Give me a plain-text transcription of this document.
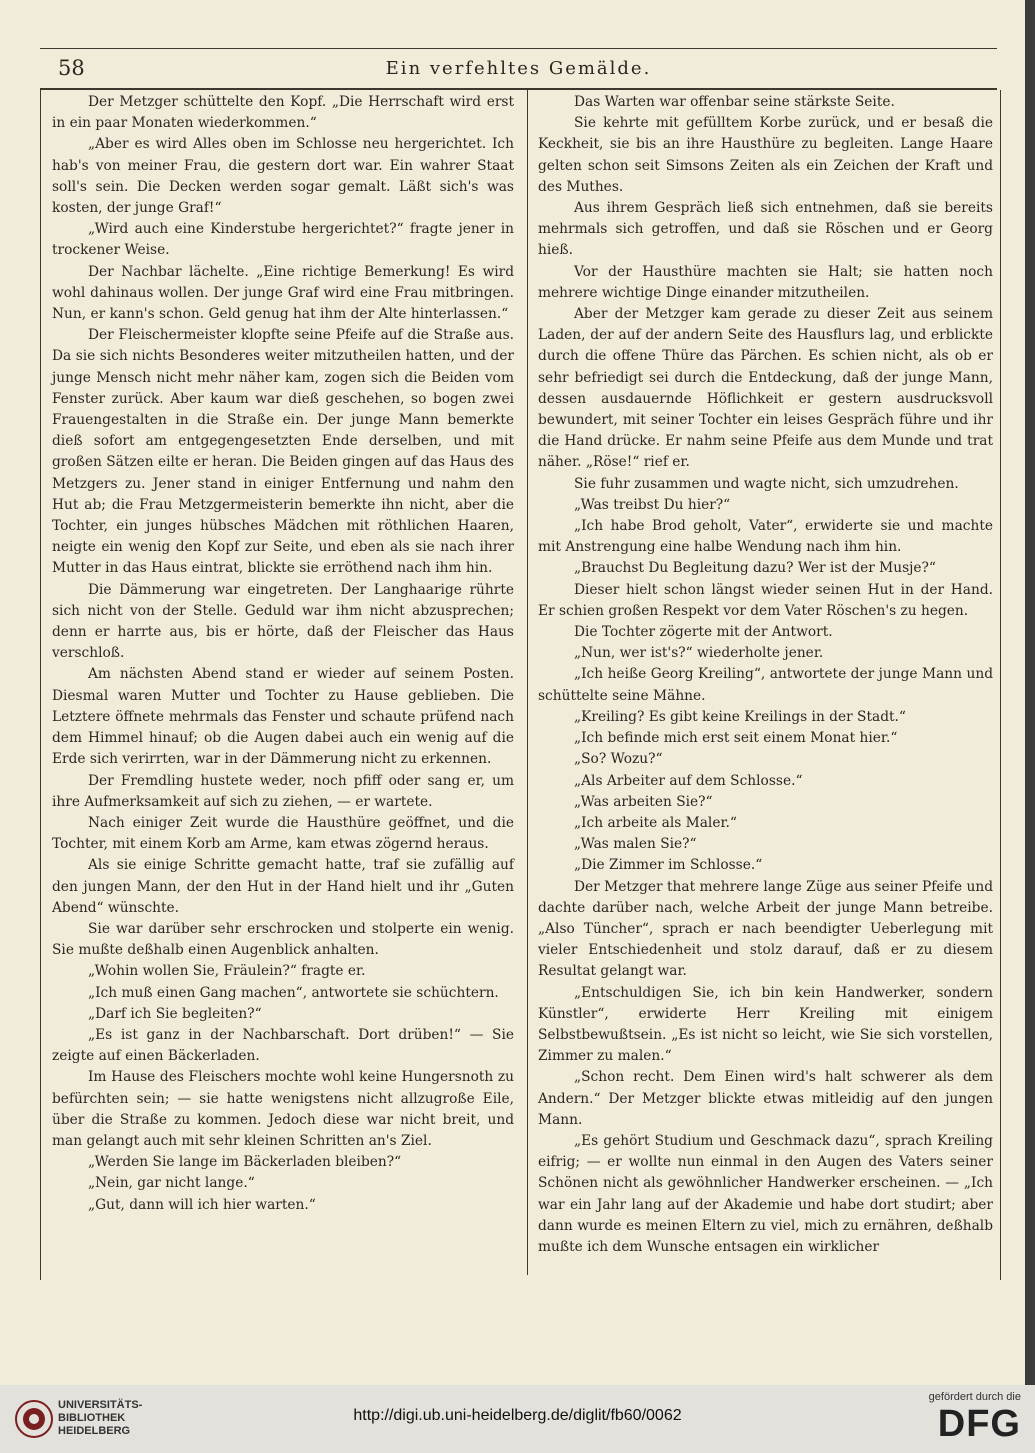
58	Ein verfehltes Gemälde.

Der Metzger schüttelte den Kopf. „Die Herrschaft wird erst in ein paar Monaten wiederkommen.“

„Aber es wird Alles oben im Schlosse neu hergerichtet. Ich hab's von meiner Frau, die gestern dort war. Ein wahrer Staat soll's sein. Die Decken werden sogar gemalt. Läßt sich's was kosten, der junge Graf!“

„Wird auch eine Kinderstube hergerichtet?“ fragte jener in trockener Weise.

Der Nachbar lächelte. „Eine richtige Bemerkung! Es wird wohl dahinaus wollen. Der junge Graf wird eine Frau mitbringen. Nun, er kann's schon. Geld genug hat ihm der Alte hinterlassen.“

Der Fleischermeister klopfte seine Pfeife auf die Straße aus. Da sie sich nichts Besonderes weiter mitzutheilen hatten, und der junge Mensch nicht mehr näher kam, zogen sich die Beiden vom Fenster zurück. Aber kaum war dieß geschehen, so bogen zwei Frauengestalten in die Straße ein. Der junge Mann bemerkte dieß sofort am entgegengesetzten Ende derselben, und mit großen Sätzen eilte er heran. Die Beiden gingen auf das Haus des Metzgers zu. Jener stand in einiger Entfernung und nahm den Hut ab; die Frau Metzgermeisterin bemerkte ihn nicht, aber die Tochter, ein junges hübsches Mädchen mit röthlichen Haaren, neigte ein wenig den Kopf zur Seite, und eben als sie nach ihrer Mutter in das Haus eintrat, blickte sie erröthend nach ihm hin.

Die Dämmerung war eingetreten. Der Langhaarige rührte sich nicht von der Stelle. Geduld war ihm nicht abzusprechen; denn er harrte aus, bis er hörte, daß der Fleischer das Haus verschloß.

Am nächsten Abend stand er wieder auf seinem Posten. Diesmal waren Mutter und Tochter zu Hause geblieben. Die Letztere öffnete mehrmals das Fenster und schaute prüfend nach dem Himmel hinauf; ob die Augen dabei auch ein wenig auf die Erde sich verirrten, war in der Dämmerung nicht zu erkennen.

Der Fremdling hustete weder, noch pfiff oder sang er, um ihre Aufmerksamkeit auf sich zu ziehen, — er wartete.

Nach einiger Zeit wurde die Hausthüre geöffnet, und die Tochter, mit einem Korb am Arme, kam etwas zögernd heraus.

Als sie einige Schritte gemacht hatte, traf sie zufällig auf den jungen Mann, der den Hut in der Hand hielt und ihr „Guten Abend“ wünschte.

Sie war darüber sehr erschrocken und stolperte ein wenig. Sie mußte deßhalb einen Augenblick anhalten.

„Wohin wollen Sie, Fräulein?“ fragte er.

„Ich muß einen Gang machen“, antwortete sie schüchtern.

„Darf ich Sie begleiten?“

„Es ist ganz in der Nachbarschaft. Dort drüben!“ — Sie zeigte auf einen Bäckerladen.

Im Hause des Fleischers mochte wohl keine Hungersnoth zu befürchten sein; — sie hatte wenigstens nicht allzugroße Eile, über die Straße zu kommen. Jedoch diese war nicht breit, und man gelangt auch mit sehr kleinen Schritten an's Ziel.

„Werden Sie lange im Bäckerladen bleiben?“

„Nein, gar nicht lange.“

„Gut, dann will ich hier warten.“

Das Warten war offenbar seine stärkste Seite.

Sie kehrte mit gefülltem Korbe zurück, und er besaß die Keckheit, sie bis an ihre Hausthüre zu begleiten. Lange Haare gelten schon seit Simsons Zeiten als ein Zeichen der Kraft und des Muthes.

Aus ihrem Gespräch ließ sich entnehmen, daß sie bereits mehrmals sich getroffen, und daß sie Röschen und er Georg hieß.

Vor der Hausthüre machten sie Halt; sie hatten noch mehrere wichtige Dinge einander mitzutheilen.

Aber der Metzger kam gerade zu dieser Zeit aus seinem Laden, der auf der andern Seite des Hausflurs lag, und erblickte durch die offene Thüre das Pärchen. Es schien nicht, als ob er sehr befriedigt sei durch die Entdeckung, daß der junge Mann, dessen ausdauernde Höflichkeit er gestern ausdrucksvoll bewundert, mit seiner Tochter ein leises Gespräch führe und ihr die Hand drücke. Er nahm seine Pfeife aus dem Munde und trat näher. „Röse!“ rief er.

Sie fuhr zusammen und wagte nicht, sich umzudrehen.

„Was treibst Du hier?“

„Ich habe Brod geholt, Vater“, erwiderte sie und machte mit Anstrengung eine halbe Wendung nach ihm hin.

„Brauchst Du Begleitung dazu? Wer ist der Musje?“

Dieser hielt schon längst wieder seinen Hut in der Hand. Er schien großen Respekt vor dem Vater Röschen's zu hegen.

Die Tochter zögerte mit der Antwort.

„Nun, wer ist's?“ wiederholte jener.

„Ich heiße Georg Kreiling“, antwortete der junge Mann und schüttelte seine Mähne.

„Kreiling? Es gibt keine Kreilings in der Stadt.“

„Ich befinde mich erst seit einem Monat hier.“

„So? Wozu?“

„Als Arbeiter auf dem Schlosse.“

„Was arbeiten Sie?“

„Ich arbeite als Maler.“

„Was malen Sie?“

„Die Zimmer im Schlosse.“

Der Metzger that mehrere lange Züge aus seiner Pfeife und dachte darüber nach, welche Arbeit der junge Mann betreibe. „Also Tüncher“, sprach er nach beendigter Ueberlegung mit vieler Entschiedenheit und stolz darauf, daß er zu diesem Resultat gelangt war.

„Entschuldigen Sie, ich bin kein Handwerker, sondern Künstler“, erwiderte Herr Kreiling mit einigem Selbstbewußtsein. „Es ist nicht so leicht, wie Sie sich vorstellen, Zimmer zu malen.“

„Schon recht. Dem Einen wird's halt schwerer als dem Andern.“ Der Metzger blickte etwas mitleidig auf den jungen Mann.

„Es gehört Studium und Geschmack dazu“, sprach Kreiling eifrig; — er wollte nun einmal in den Augen des Vaters seiner Schönen nicht als gewöhnlicher Handwerker erscheinen. — „Ich war ein Jahr lang auf der Akademie und habe dort studirt; aber dann wurde es meinen Eltern zu viel, mich zu ernähren, deßhalb mußte ich dem Wunsche entsagen ein wirklicher

UNIVERSITÄTS-
BIBLIOTHEK
HEIDELBERG
http://digi.ub.uni-heidelberg.de/diglit/fb60/0062
gefördert durch die
DFG
